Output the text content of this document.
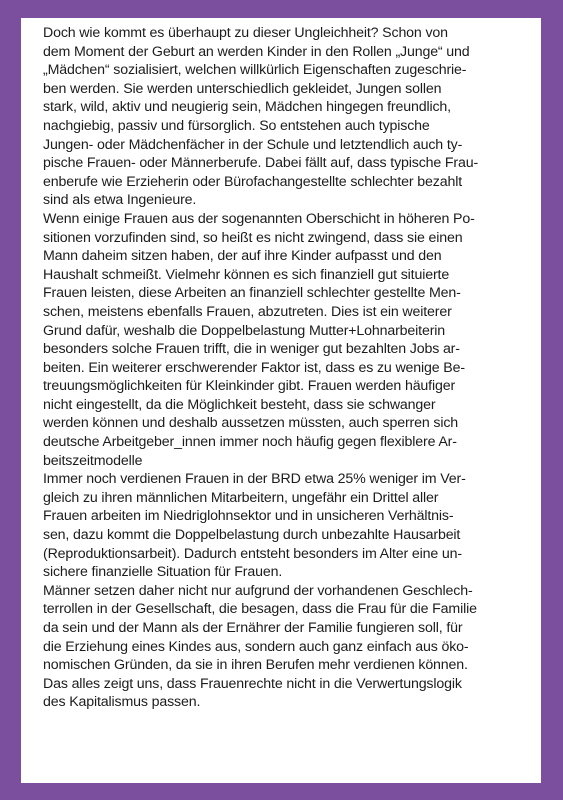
Doch wie kommt es überhaupt zu dieser Ungleichheit? Schon von
dem Moment der Geburt an werden Kinder in den Rollen „Junge“ und
„Mädchen“ sozialisiert, welchen willkürlich Eigenschaften zugeschrie-
ben werden. Sie werden unterschiedlich gekleidet, Jungen sollen
stark, wild, aktiv und neugierig sein, Mädchen hingegen freundlich,
nachgiebig, passiv und fürsorglich. So entstehen auch typische
Jungen- oder Mädchenfächer in der Schule und letztendlich auch ty-
pische Frauen- oder Männerberufe. Dabei fällt auf, dass typische Frau-
enberufe wie Erzieherin oder Bürofachangestellte schlechter bezahlt
sind als etwa Ingenieure.
Wenn einige Frauen aus der sogenannten Oberschicht in höheren Po-
sitionen vorzufinden sind, so heißt es nicht zwingend, dass sie einen
Mann daheim sitzen haben, der auf ihre Kinder aufpasst und den
Haushalt schmeißt. Vielmehr können es sich finanziell gut situierte
Frauen leisten, diese Arbeiten an finanziell schlechter gestellte Men-
schen, meistens ebenfalls Frauen, abzutreten. Dies ist ein weiterer
Grund dafür, weshalb die Doppelbelastung Mutter+Lohnarbeiterin
besonders solche Frauen trifft, die in weniger gut bezahlten Jobs ar-
beiten. Ein weiterer erschwerender Faktor ist, dass es zu wenige Be-
treuungsmöglichkeiten für Kleinkinder gibt. Frauen werden häufiger
nicht eingestellt, da die Möglichkeit besteht, dass sie schwanger
werden können und deshalb aussetzen müssten, auch sperren sich
deutsche Arbeitgeber_innen immer noch häufig gegen flexiblere Ar-
beitszeitmodelle
Immer noch verdienen Frauen in der BRD etwa 25% weniger im Ver-
gleich zu ihren männlichen Mitarbeitern, ungefähr ein Drittel aller
Frauen arbeiten im Niedriglohnsektor und in unsicheren Verhältnis-
sen, dazu kommt die Doppelbelastung durch unbezahlte Hausarbeit
(Reproduktionsarbeit). Dadurch entsteht besonders im Alter eine un-
sichere finanzielle Situation für Frauen.
Männer setzen daher nicht nur aufgrund der vorhandenen Geschlech-
terrollen in der Gesellschaft, die besagen, dass die Frau für die Familie
da sein und der Mann als der Ernährer der Familie fungieren soll, für
die Erziehung eines Kindes aus, sondern auch ganz einfach aus öko-
nomischen Gründen, da sie in ihren Berufen mehr verdienen können.
Das alles zeigt uns, dass Frauenrechte nicht in die Verwertungslogik
des Kapitalismus passen.
